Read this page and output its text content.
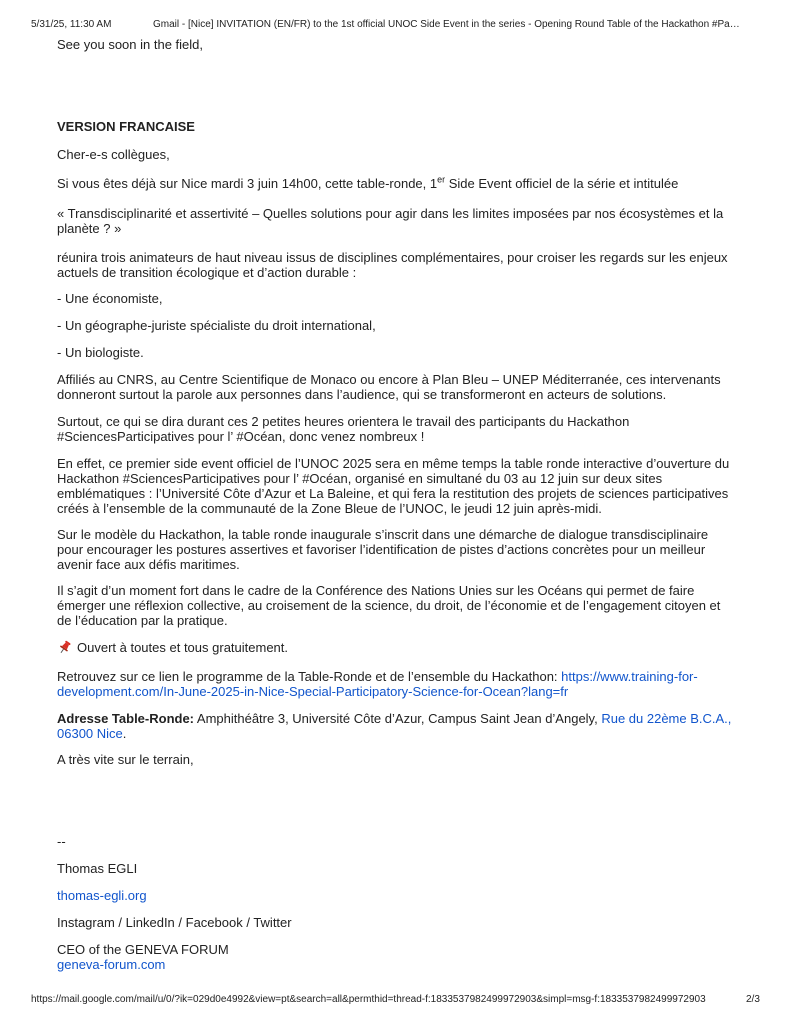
5/31/25, 11:30 AM	Gmail - [Nice] INVITATION (EN/FR) to the 1st official UNOC Side Event in the series - Opening Round Table of the Hackathon #Pa…

See you soon in the field,

VERSION FRANCAISE

Cher-e-s collègues,

Si vous êtes déjà sur Nice mardi 3 juin 14h00, cette table-ronde, 1er Side Event officiel de la série et intitulée

« Transdisciplinarité et assertivité – Quelles solutions pour agir dans les limites imposées par nos écosystèmes et la planète ? »

réunira trois animateurs de haut niveau issus de disciplines complémentaires, pour croiser les regards sur les enjeux actuels de transition écologique et d’action durable :

- Une économiste,

- Un géographe-juriste spécialiste du droit international,

- Un biologiste.

Affiliés au CNRS, au Centre Scientifique de Monaco ou encore à Plan Bleu – UNEP Méditerranée, ces intervenants donneront surtout la parole aux personnes dans l’audience, qui se transformeront en acteurs de solutions.

Surtout, ce qui se dira durant ces 2 petites heures orientera le travail des participants du Hackathon #SciencesParticipatives pour l’ #Océan, donc venez nombreux !

En effet, ce premier side event officiel de l’UNOC 2025 sera en même temps la table ronde interactive d’ouverture du Hackathon #SciencesParticipatives pour l’ #Océan, organisé en simultané du 03 au 12 juin sur deux sites emblématiques : l’Université Côte d’Azur et La Baleine, et qui fera la restitution des projets de sciences participatives créés à l’ensemble de la communauté de la Zone Bleue de l’UNOC, le jeudi 12 juin après-midi.

Sur le modèle du Hackathon, la table ronde inaugurale s’inscrit dans une démarche de dialogue transdisciplinaire pour encourager les postures assertives et favoriser l’identification de pistes d’actions concrètes pour un meilleur avenir face aux défis maritimes.

Il s’agit d’un moment fort dans le cadre de la Conférence des Nations Unies sur les Océans qui permet de faire émerger une réflexion collective, au croisement de la science, du droit, de l’économie et de l’engagement citoyen et de l’éducation par la pratique.

Ouvert à toutes et tous gratuitement.

Retrouvez sur ce lien le programme de la Table-Ronde et de l’ensemble du Hackathon: https://www.training-for-development.com/In-June-2025-in-Nice-Special-Participatory-Science-for-Ocean?lang=fr

Adresse Table-Ronde: Amphithéâtre 3, Université Côte d’Azur, Campus Saint Jean d’Angely, Rue du 22ème B.C.A., 06300 Nice.

A très vite sur le terrain,

--

Thomas EGLI

thomas-egli.org

Instagram / LinkedIn / Facebook / Twitter

CEO of the GENEVA FORUM

geneva-forum.com

https://mail.google.com/mail/u/0/?ik=029d0e4992&view=pt&search=all&permthid=thread-f:1833537982499972903&simpl=msg-f:1833537982499972903	2/3
